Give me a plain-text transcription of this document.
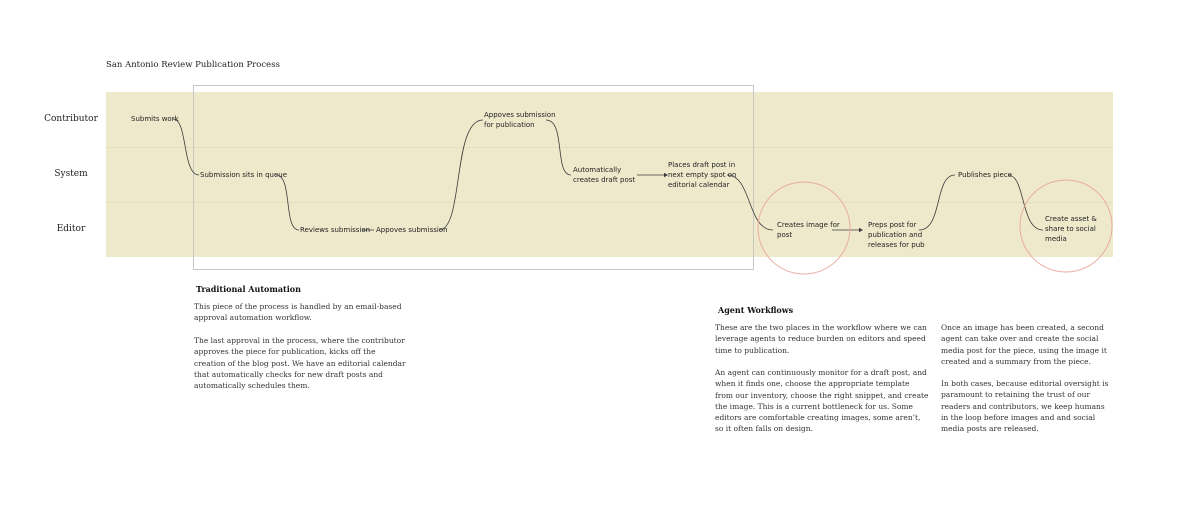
San Antonio Review Publication Process
Contributor
System
Editor
Submits work
Submission sits in queue
Reviews submission Appoves submission
Appoves submission
for publication
Automatically
creates draft post
Places draft post in
next empty spot on
editorial calendar
Creates image for
post
Preps post for
publication and
releases for pub
Publishes piece
Create asset &
share to social
media
Traditional Automation

This piece of the process is handled by an email-based approval automation workflow.

The last approval in the process, where the contributor approves the piece for publication, kicks off the creation of the blog post. We have an editorial calendar that automatically checks for new draft posts and automatically schedules them.

Agent Workflows

These are the two places in the workflow where we can leverage agents to reduce burden on editors and speed time to publication.

An agent can continuously monitor for a draft post, and when it finds one, choose the appropriate template from our inventory, choose the right snippet, and create the image. This is a current bottleneck for us. Some editors are comfortable creating images, some aren’t, so it often falls on design.

Once an image has been created, a second agent can take over and create the social media post for the piece, using the image it created and a summary from the piece.

In both cases, because editorial oversight is paramount to retaining the trust of our readers and contributors, we keep humans in the loop before images and and social media posts are released.
